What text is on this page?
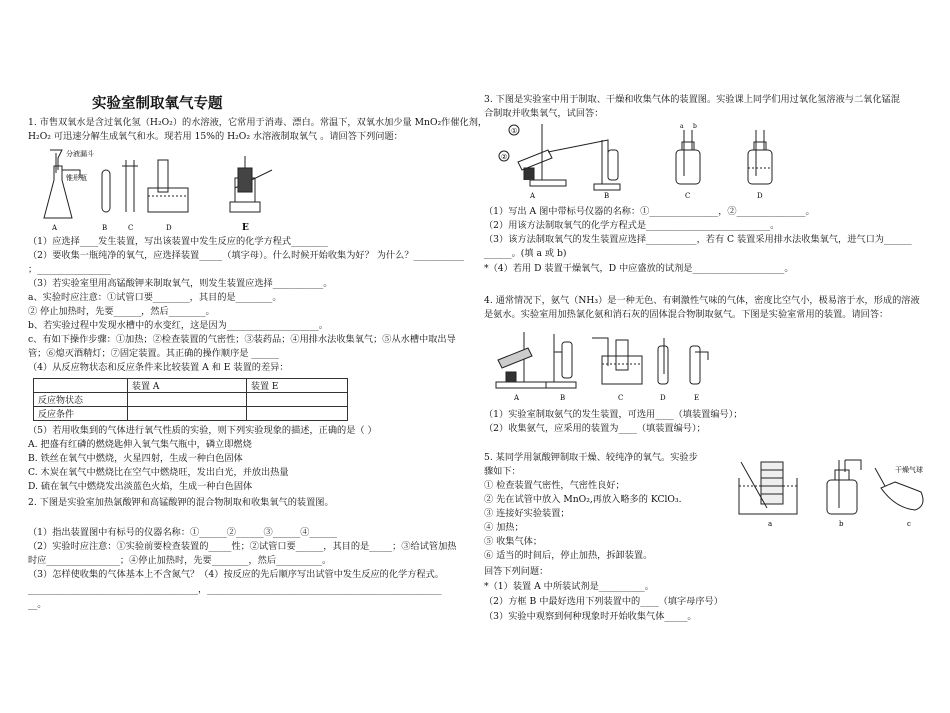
实验室制取氧气专题
1. 市售双氧水是含过氧化氢（H₂O₂）的水溶液，它常用于消毒、漂白。常温下，双氧水加少量 MnO₂作催化剂，
H₂O₂ 可迅速分解生成氧气和水。现若用 15%的 H₂O₂ 水溶液制取氧气 。请回答下列问题：
分液漏斗
锥形瓶
A	B	C	D	E
（1）应选择____发生装置，写出该装置中发生反应的化学方程式________
（2）要收集一瓶纯净的氧气，应选择装置_____（填字母）。什么时候开始收集为好？ 为什么？___________
；________________
（3）若实验室里用高锰酸钾来制取氧气，则发生装置应选择___________。
a、实验时应注意：①试管口要________，其目的是________。
② 停止加热时，先要______，然后________。
b、若实验过程中发现水槽中的水变红，这是因为____________________。
c、有如下操作步骤：①加热；②检查装置的气密性；③装药品；④用排水法收集氧气；⑤从水槽中取出导
管；⑥熄灭酒精灯；⑦固定装置。其正确的操作顺序是 ______
（4）从反应物状态和反应条件来比较装置 A 和 E 装置的差异：
	装置 A	装置 E
反应物状态		
反应条件		
（5）若用收集到的气体进行氧气性质的实验，则下列实验现象的描述，正确的是（ ）
A. 把盛有红磷的燃烧匙伸入氧气集气瓶中，磷立即燃烧
B. 铁丝在氧气中燃烧，火星四射，生成一种白色固体
C. 木炭在氧气中燃烧比在空气中燃烧旺，发出白光，并放出热量
D. 硫在氧气中燃烧发出淡蓝色火焰，生成一种白色固体
2. 下图是实验室加热氯酸钾和高锰酸钾的混合物制取和收集氧气的装置图。
（1）指出装置图中有标号的仪器名称：①______②______③______④______
（2）实验时应注意：①实验前要检查装置的_____性；②试管口要______，其目的是_____；③给试管加热
时应________________；④停止加热时，先要________，然后__________。
（3）怎样使收集的气体基本上不含氮气？（4）按反应的先后顺序写出试管中发生反应的化学方程式。
_____________________________________，___________________________________________________
__。
3. 下图是实验室中用于制取、干燥和收集气体的装置图。实验课上同学们用过氧化氢溶液与二氧化锰混
合制取并收集氧气，试回答：
①
②
A	B	C	D
a b
（1）写出 A 图中带标号仪器的名称：①_______________，②_______________。
（2）用该方法制取氧气的化学方程式是___________________________。
（3）该方法制取氧气的发生装置应选择___________，若有 C 装置采用排水法收集氧气，进气口为______
______。(填 a 或 b)
*（4）若用 D 装置干燥氧气，D 中应盛放的试剂是____________________。
4. 通常情况下，氨气（NH₃）是一种无色、有刺激性气味的气体，密度比空气小，极易溶于水，形成的溶液
是氨水。实验室用加热氯化氨和消石灰的固体混合物制取氨气。下图是实验室常用的装置。请回答：
A	B	C	D	E
（1）实验室制取氨气的发生装置，可选用____（填装置编号）；
（2）收集氨气，应采用的装置为____（填装置编号）；
5. 某同学用氯酸钾制取干燥、较纯净的氧气。实验步
骤如下：
① 检查装置气密性，气密性良好；
② 先在试管中放入 MnO₂,再放入略多的 KClO₃.
③ 连接好实验装置；
④ 加热；
⑤ 收集气体；
⑥ 适当的时间后，停止加热，拆卸装置。
回答下列问题：
*（1）装置 A 中所装试剂是__________。
（2）方框 B 中最好选用下列装置中的____（填字母序号）
（3）实验中观察到何种现象时开始收集气体_____。
a	b	c
干燥气球
